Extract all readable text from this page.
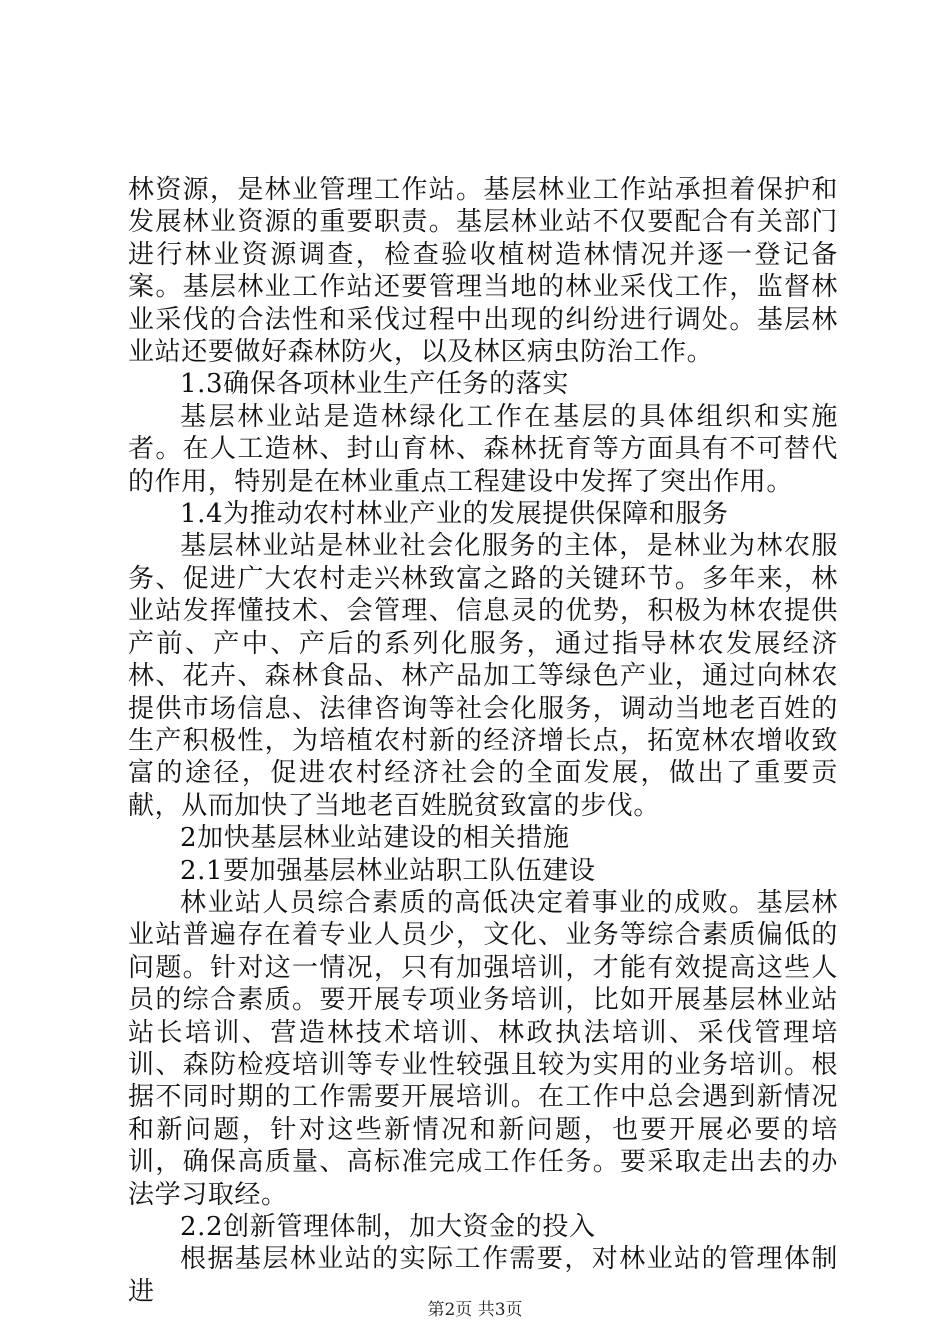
林资源，是林业管理工作站。基层林业工作站承担着保护和发展林业资源的重要职责。基层林业站不仅要配合有关部门进行林业资源调查，检查验收植树造林情况并逐一登记备案。基层林业工作站还要管理当地的林业采伐工作，监督林业采伐的合法性和采伐过程中出现的纠纷进行调处。基层林业站还要做好森林防火，以及林区病虫防治工作。

1.3确保各项林业生产任务的落实

基层林业站是造林绿化工作在基层的具体组织和实施者。在人工造林、封山育林、森林抚育等方面具有不可替代的作用，特别是在林业重点工程建设中发挥了突出作用。

1.4为推动农村林业产业的发展提供保障和服务

基层林业站是林业社会化服务的主体，是林业为林农服务、促进广大农村走兴林致富之路的关键环节。多年来，林业站发挥懂技术、会管理、信息灵的优势，积极为林农提供产前、产中、产后的系列化服务，通过指导林农发展经济林、花卉、森林食品、林产品加工等绿色产业，通过向林农提供市场信息、法律咨询等社会化服务，调动当地老百姓的生产积极性，为培植农村新的经济增长点，拓宽林农增收致富的途径，促进农村经济社会的全面发展，做出了重要贡献，从而加快了当地老百姓脱贫致富的步伐。

2加快基层林业站建设的相关措施

2.1要加强基层林业站职工队伍建设

林业站人员综合素质的高低决定着事业的成败。基层林业站普遍存在着专业人员少，文化、业务等综合素质偏低的问题。针对这一情况，只有加强培训，才能有效提高这些人员的综合素质。要开展专项业务培训，比如开展基层林业站站长培训、营造林技术培训、林政执法培训、采伐管理培训、森防检疫培训等专业性较强且较为实用的业务培训。根据不同时期的工作需要开展培训。在工作中总会遇到新情况和新问题，针对这些新情况和新问题，也要开展必要的培训，确保高质量、高标准完成工作任务。要采取走出去的办法学习取经。

2.2创新管理体制，加大资金的投入

根据基层林业站的实际工作需要，对林业站的管理体制进

第2页 共3页
